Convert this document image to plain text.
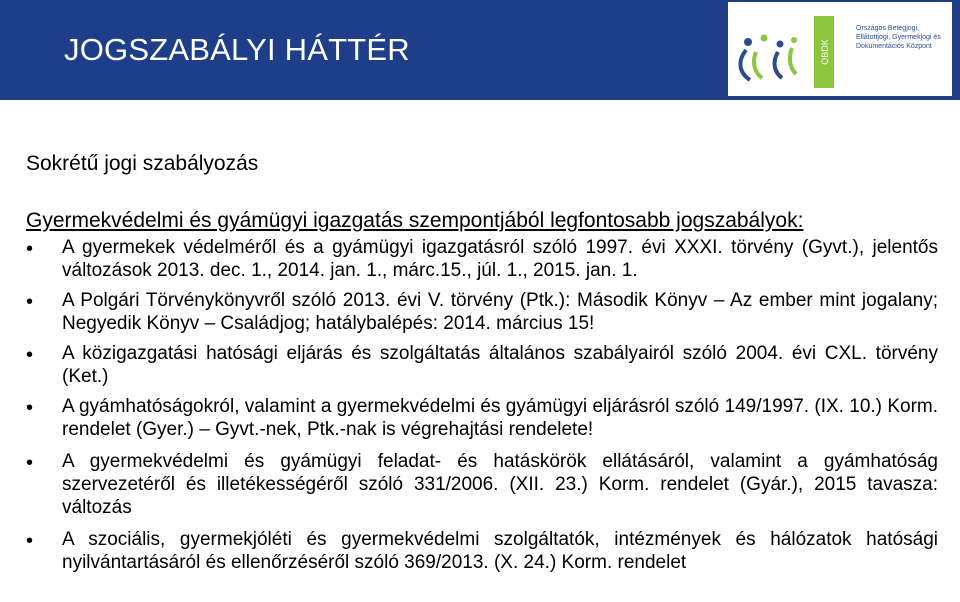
JOGSZABÁLYI HÁTTÉR	OBDK
Országos Betegjogi, Ellátottjogi, Gyermekjogi és Dokumentációs Központ
Sokrétű jogi szabályozás
Gyermekvédelmi és gyámügyi igazgatás szempontjából legfontosabb jogszabályok:
•	A gyermekek védelméről és a gyámügyi igazgatásról szóló 1997. évi XXXI. törvény (Gyvt.), jelentős változások 2013. dec. 1., 2014. jan. 1., márc.15., júl. 1., 2015. jan. 1.
•	A Polgári Törvénykönyvről szóló 2013. évi V. törvény (Ptk.): Második Könyv – Az ember mint jogalany; Negyedik Könyv – Családjog; hatálybalépés: 2014. március 15!
•	A közigazgatási hatósági eljárás és szolgáltatás általános szabályairól szóló 2004. évi CXL. törvény (Ket.)
•	A gyámhatóságokról, valamint a gyermekvédelmi és gyámügyi eljárásról szóló 149/1997. (IX. 10.) Korm. rendelet (Gyer.) – Gyvt.-nek, Ptk.-nak is végrehajtási rendelete!
•	A gyermekvédelmi és gyámügyi feladat- és hatáskörök ellátásáról, valamint a gyámhatóság szervezetéről és illetékességéről szóló 331/2006. (XII. 23.) Korm. rendelet (Gyár.), 2015 tavasza: változás
•	A szociális, gyermekjóléti és gyermekvédelmi szolgáltatók, intézmények és hálózatok hatósági nyilvántartásáról és ellenőrzéséről szóló 369/2013. (X. 24.) Korm. rendelet
